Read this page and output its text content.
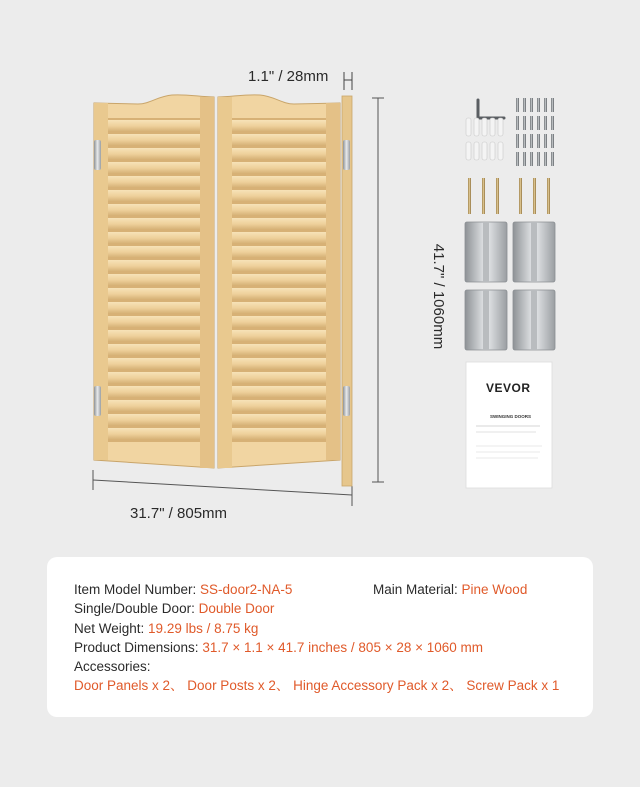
VEVOR
SWINGING DOORS
1.1" / 28mm
41.7" / 1060mm
31.7" / 805mm
Item Model Number: SS-door2-NA-5
Single/Double Door: Double Door
Net Weight: 19.29 lbs / 8.75 kg
Product Dimensions: 31.7 × 1.1 × 41.7 inches / 805 × 28 × 1060 mm
Accessories:
Door Panels x 2、 Door Posts x 2、 Hinge Accessory Pack x 2、 Screw Pack x 1
Main Material: Pine Wood
